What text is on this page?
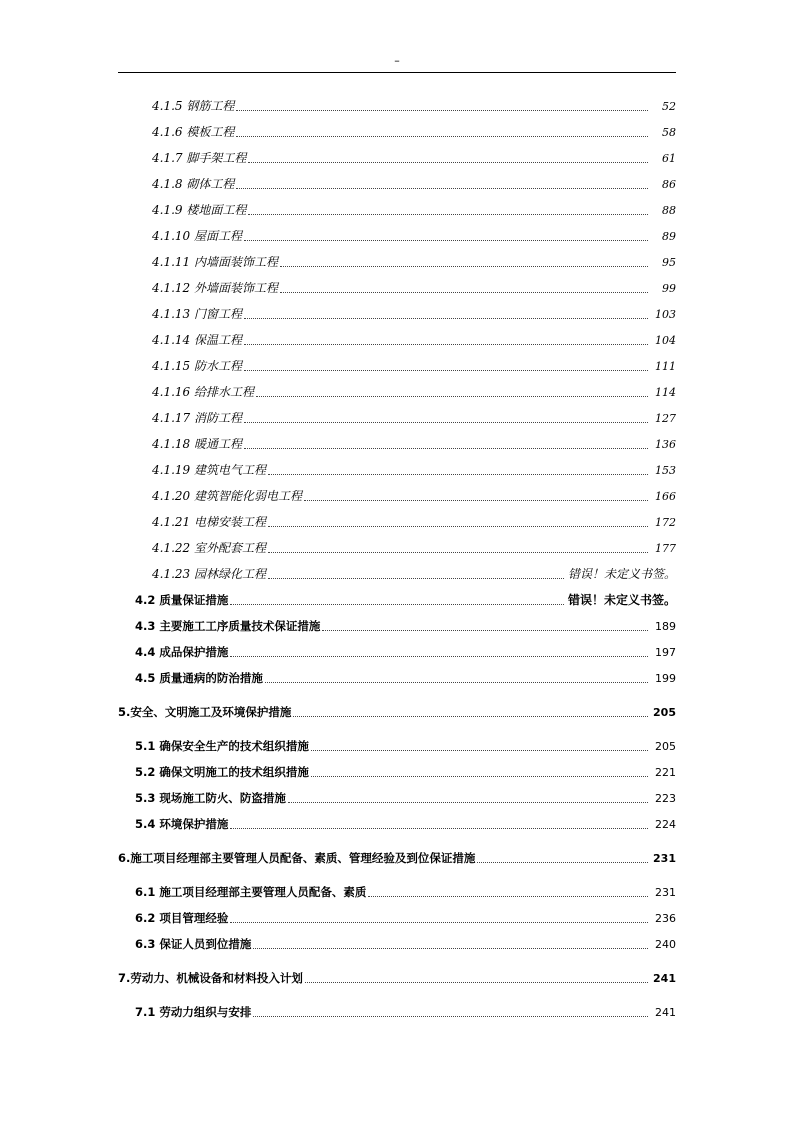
–
4.1.5 钢筋工程	52
4.1.6 模板工程	58
4.1.7 脚手架工程	61
4.1.8 砌体工程	86
4.1.9 楼地面工程	88
4.1.10 屋面工程	89
4.1.11 内墙面装饰工程	95
4.1.12 外墙面装饰工程	99
4.1.13 门窗工程	103
4.1.14 保温工程	104
4.1.15 防水工程	111
4.1.16 给排水工程	114
4.1.17 消防工程	127
4.1.18 暖通工程	136
4.1.19 建筑电气工程	153
4.1.20 建筑智能化弱电工程	166
4.1.21 电梯安装工程	172
4.1.22 室外配套工程	177
4.1.23 园林绿化工程	错误！未定义书签。
4.2 质量保证措施	错误！未定义书签。
4.3 主要施工工序质量技术保证措施	189
4.4 成品保护措施	197
4.5 质量通病的防治措施	199
5.安全、文明施工及环境保护措施	205
5.1 确保安全生产的技术组织措施	205
5.2 确保文明施工的技术组织措施	221
5.3 现场施工防火、防盗措施	223
5.4 环境保护措施	224
6.施工项目经理部主要管理人员配备、素质、管理经验及到位保证措施	231
6.1 施工项目经理部主要管理人员配备、素质	231
6.2 项目管理经验	236
6.3 保证人员到位措施	240
7.劳动力、机械设备和材料投入计划	241
7.1 劳动力组织与安排	241
